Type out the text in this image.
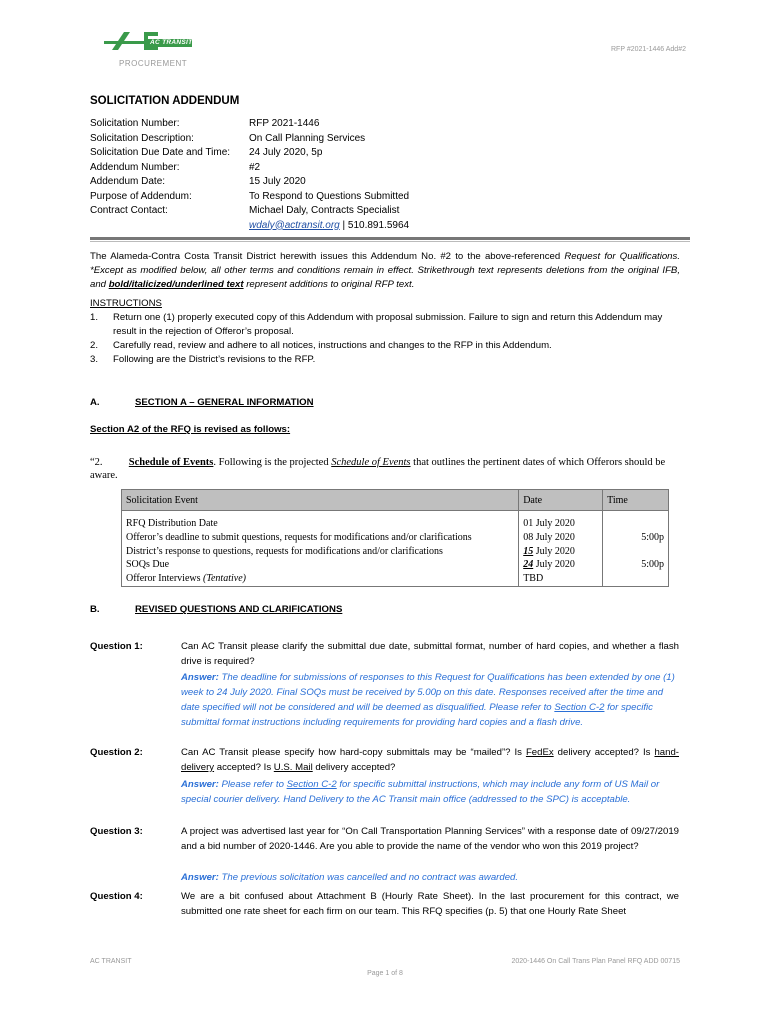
AC TRANSIT
PROCUREMENT
RFP #2021-1446 Add#2
SOLICITATION ADDENDUM
Solicitation Number:	RFP 2021-1446
Solicitation Description:	On Call Planning Services
Solicitation Due Date and Time:	24 July 2020, 5p
Addendum Number:	#2
Addendum Date:	15 July 2020
Purpose of Addendum:	To Respond to Questions Submitted
Contract Contact:	Michael Daly, Contracts Specialist
wdaly@actransit.org | 510.891.5964
The Alameda-Contra Costa Transit District herewith issues this Addendum No. #2 to the above-referenced Request for Qualifications. *Except as modified below, all other terms and conditions remain in effect. Strikethrough text represents deletions from the original IFB, and bold/italicized/underlined text represent additions to original RFP text.
INSTRUCTIONS
1.	Return one (1) properly executed copy of this Addendum with proposal submission. Failure to sign and return this Addendum may result in the rejection of Offeror’s proposal.
2.	Carefully read, review and adhere to all notices, instructions and changes to the RFP in this Addendum.
3.	Following are the District’s revisions to the RFP.
A.	SECTION A – GENERAL INFORMATION
Section A2 of the RFQ is revised as follows:
“2.	Schedule of Events. Following is the projected Schedule of Events that outlines the pertinent dates of which Offerors should be aware.
Solicitation Event	Date	Time

RFQ Distribution Date	01 July 2020	
Offeror’s deadline to submit questions, requests for modifications and/or clarifications	08 July 2020	5:00p
District’s response to questions, requests for modifications and/or clarifications	15 July 2020	
SOQs Due	24 July 2020	5:00p
Offeror Interviews (Tentative)	TBD	
B.	REVISED QUESTIONS AND CLARIFICATIONS
Question 1:	Can AC Transit please clarify the submittal due date, submittal format, number of hard copies, and whether a flash drive is required?
Answer: The deadline for submissions of responses to this Request for Qualifications has been extended by one (1) week to 24 July 2020. Final SOQs must be received by 5.00p on this date. Responses received after the time and date specified will not be considered and will be deemed as disqualified. Please refer to Section C-2 for specific submittal format instructions including requirements for providing hard copies and a flash drive.
Question 2:	Can AC Transit please specify how hard-copy submittals may be “mailed”? Is FedEx delivery accepted? Is hand-delivery accepted? Is U.S. Mail delivery accepted?
Answer: Please refer to Section C-2 for specific submittal instructions, which may include any form of US Mail or special courier delivery. Hand Delivery to the AC Transit main office (addressed to the SPC) is acceptable.
Question 3:	A project was advertised last year for “On Call Transportation Planning Services” with a response date of 09/27/2019 and a bid number of 2020-1446. Are you able to provide the name of the vendor who won this 2019 project?
Answer: The previous solicitation was cancelled and no contract was awarded.
Question 4:	We are a bit confused about Attachment B (Hourly Rate Sheet). In the last procurement for this contract, we submitted one rate sheet for each firm on our team. This RFQ specifies (p. 5) that one Hourly Rate Sheet
AC TRANSIT	2020-1446 On Call Trans Plan Panel RFQ ADD 00715
Page 1 of 8
